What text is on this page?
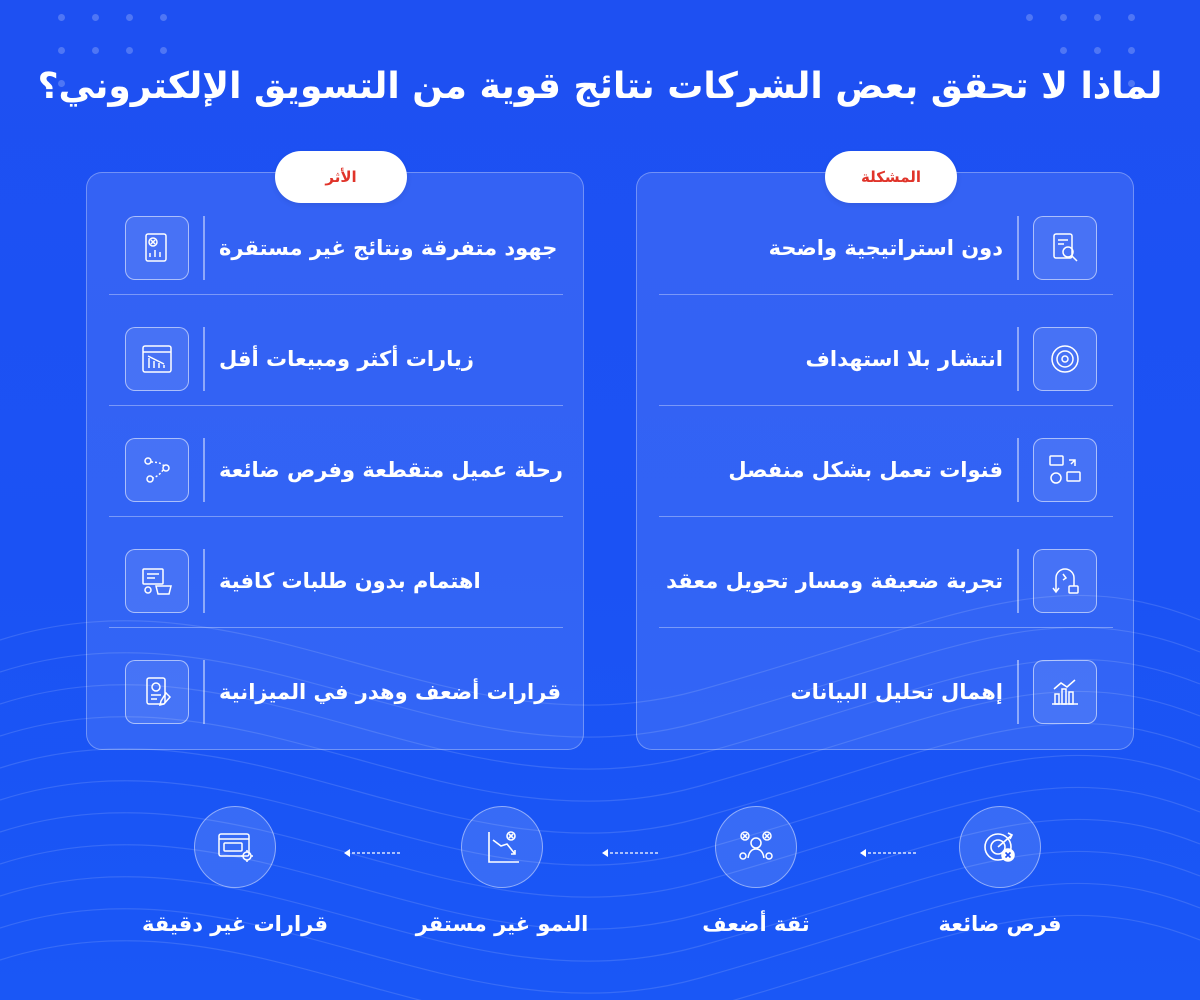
لماذا لا تحقق بعض الشركات نتائج قوية من التسويق الإلكتروني؟
المشكلة
دون استراتيجية واضحة
انتشار بلا استهداف
قنوات تعمل بشكل منفصل
تجربة ضعيفة ومسار تحويل معقد
إهمال تحليل البيانات
الأثر
جهود متفرقة ونتائج غير مستقرة
زيارات أكثر ومبيعات أقل
رحلة عميل متقطعة وفرص ضائعة
اهتمام بدون طلبات كافية
قرارات أضعف وهدر في الميزانية
فرص ضائعة
ثقة أضعف
النمو غير مستقر
قرارات غير دقيقة
